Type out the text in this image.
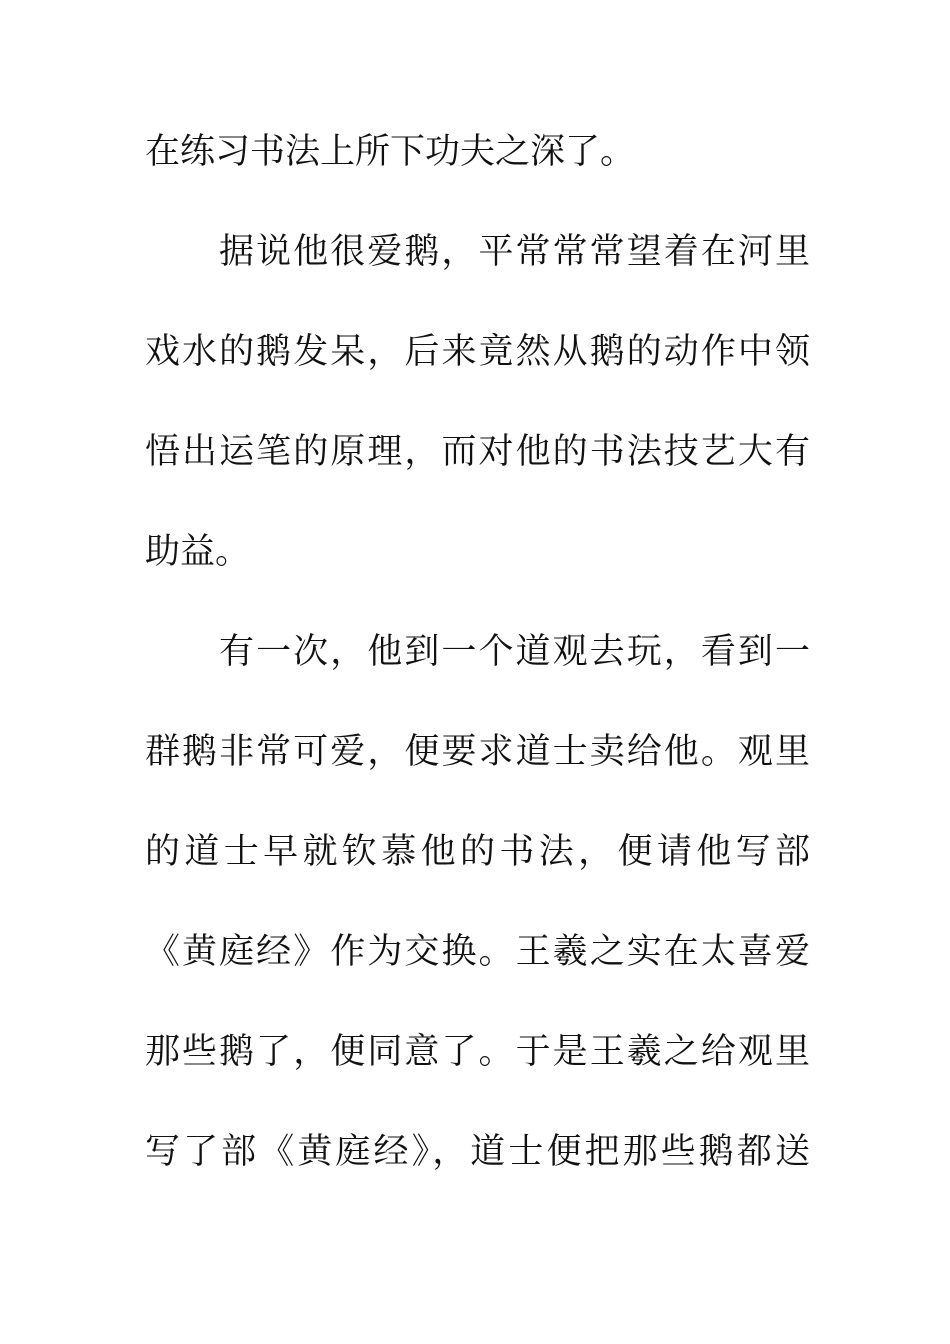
在练习书法上所下功夫之深了。
据说他很爱鹅，平常常常望着在河里
戏水的鹅发呆，后来竟然从鹅的动作中领
悟出运笔的原理，而对他的书法技艺大有
助益。
有一次，他到一个道观去玩，看到一
群鹅非常可爱，便要求道士卖给他。观里
的道士早就钦慕他的书法，便请他写部
《黄庭经》作为交换。王羲之实在太喜爱
那些鹅了，便同意了。于是王羲之给观里
写了部《黄庭经》，道士便把那些鹅都送
